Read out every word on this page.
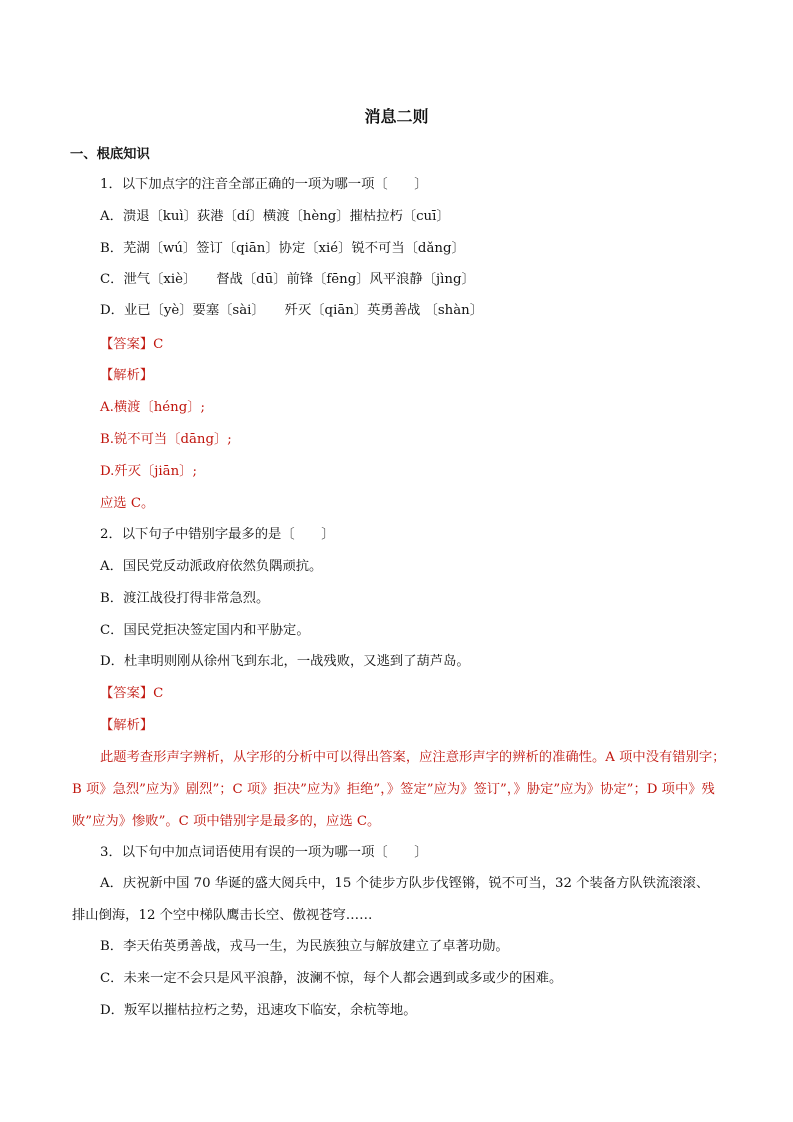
消息二则
一、根底知识
1．以下加点字的注音全部正确的一项为哪一项〔　　〕
A．溃退〔kuì〕荻港〔dí〕横渡〔hèng〕摧枯拉朽〔cuī〕
B．芜湖〔wú〕签订〔qiān〕协定〔xié〕锐不可当〔dǎng〕
C．泄气〔xiè〕　　督战〔dū〕前锋〔fēng〕风平浪静〔jìng〕
D．业已〔yè〕要塞〔sài〕　　歼灭〔qiān〕英勇善战 〔shàn〕
【答案】C
【解析】
A.横渡〔héng〕;
B.锐不可当〔dāng〕;
D.歼灭〔jiān〕;
应选 C。
2．以下句子中错别字最多的是〔　　〕
A．国民党反动派政府依然负隅顽抗。
B．渡江战役打得非常急烈。
C．国民党拒决签定国内和平胁定。
D．杜聿明则刚从徐州飞到东北，一战残败，又逃到了葫芦岛。
【答案】C
【解析】
此题考查形声字辨析，从字形的分析中可以得出答案，应注意形声字的辨析的准确性。A 项中没有错别字；B 项》急烈”应为》剧烈”；C 项》拒决”应为》拒绝”，》签定”应为》签订”，》胁定”应为》协定”；D 项中》残败”应为》惨败”。C 项中错别字是最多的，应选 C。
3．以下句中加点词语使用有误的一项为哪一项〔　　〕
A．庆祝新中国 70 华诞的盛大阅兵中，15 个徒步方队步伐铿锵，锐不可当，32 个装备方队铁流滚滚、
排山倒海，12 个空中梯队鹰击长空、傲视苍穹……
B．李天佑英勇善战，戎马一生，为民族独立与解放建立了卓著功勋。
C．未来一定不会只是风平浪静，波澜不惊，每个人都会遇到或多或少的困难。
D．叛军以摧枯拉朽之势，迅速攻下临安，余杭等地。
